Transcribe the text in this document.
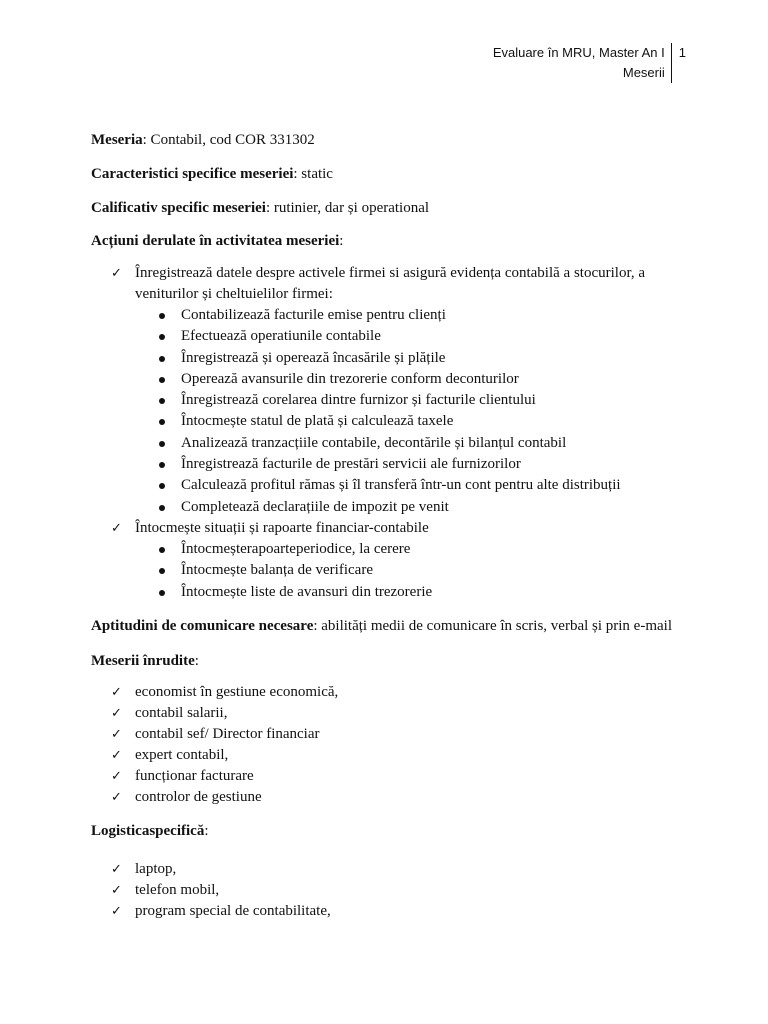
Evaluare în MRU, Master An I
Meserii
1

Meseria: Contabil, cod COR 331302

Caracteristici specifice meseriei: static

Calificativ specific meseriei: rutinier, dar și operational

Acțiuni derulate în activitatea meseriei:

✓ Înregistrează datele despre activele firmei si asigură evidența contabilă a stocurilor, a veniturilor și cheltuielilor firmei:
Contabilizează facturile emise pentru clienți
Efectuează operatiunile contabile
Înregistrează și operează încasările și plățile
Operează avansurile din trezorerie conform deconturilor
Înregistrează corelarea dintre furnizor și facturile clientului
Întocmește statul de plată și calculează taxele
Analizează tranzacțiile contabile, decontările și bilanțul contabil
Înregistrează facturile de prestări servicii ale furnizorilor
Calculează profitul rămas și îl transferă într-un cont pentru alte distribuții
Completează declarațiile de impozit pe venit
✓ Întocmește situații și rapoarte financiar-contabile
Întocmeșterapoarteperiodice, la cerere
Întocmește balanța de verificare
Întocmește liste de avansuri din trezorerie

Aptitudini de comunicare necesare: abilități medii de comunicare în scris, verbal și prin e-mail

Meserii înrudite:

✓ economist în gestiune economică,
✓ contabil salarii,
✓ contabil sef/ Director financiar
✓ expert contabil,
✓ funcționar facturare
✓ controlor de gestiune

Logisticaspecifică:

✓ laptop,
✓ telefon mobil,
✓ program special de contabilitate,
